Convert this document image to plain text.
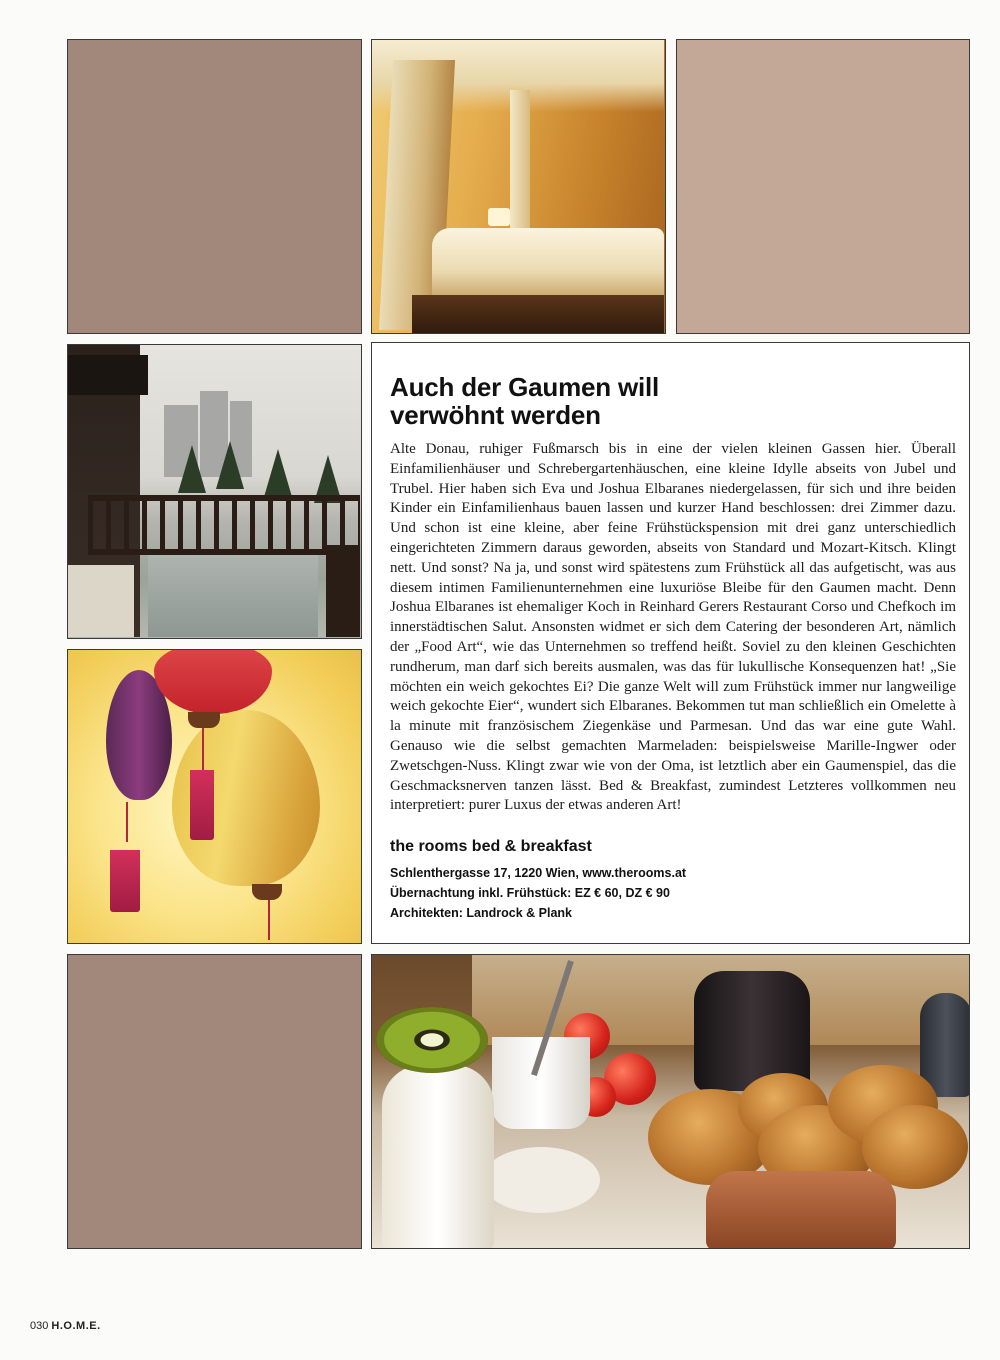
Auch der Gaumen will
verwöhnt werden

Alte Donau, ruhiger Fußmarsch bis in eine der vielen kleinen Gassen hier. Überall Einfamilienhäuser und Schrebergartenhäuschen, eine kleine Idylle abseits von Jubel und Trubel. Hier haben sich Eva und Joshua Elbaranes niedergelassen, für sich und ihre beiden Kinder ein Einfamilienhaus bauen lassen und kurzer Hand beschlossen: drei Zimmer dazu. Und schon ist eine kleine, aber feine Frühstückspension mit drei ganz unterschiedlich eingerichteten Zimmern daraus geworden, abseits von Standard und Mozart-Kitsch. Klingt nett. Und sonst? Na ja, und sonst wird spätestens zum Frühstück all das aufgetischt, was aus diesem intimen Familienunternehmen eine luxuriöse Bleibe für den Gaumen macht. Denn Joshua Elbaranes ist ehemaliger Koch in Reinhard Gerers Restaurant Corso und Chefkoch im innerstädtischen Salut. Ansonsten widmet er sich dem Catering der besonderen Art, nämlich der „Food Art“, wie das Unternehmen so treffend heißt. Soviel zu den kleinen Geschichten rundherum, man darf sich bereits ausmalen, was das für lukullische Konsequenzen hat! „Sie möchten ein weich gekochtes Ei? Die ganze Welt will zum Frühstück immer nur langweilige weich gekochte Eier“, wundert sich Elbaranes. Bekommen tut man schließlich ein Omelette à la minute mit französischem Ziegenkäse und Parmesan. Und das war eine gute Wahl. Genauso wie die selbst gemachten Marmeladen: beispielsweise Marille-Ingwer oder Zwetschgen-Nuss. Klingt zwar wie von der Oma, ist letztlich aber ein Gaumenspiel, das die Geschmacksnerven tanzen lässt. Bed & Breakfast, zumindest Letzteres vollkommen neu interpretiert: purer Luxus der etwas anderen Art!

the rooms bed & breakfast
Schlenthergasse 17, 1220 Wien, www.therooms.at
Übernachtung inkl. Frühstück: EZ € 60, DZ € 90
Architekten: Landrock & Plank
030 H.O.M.E.
